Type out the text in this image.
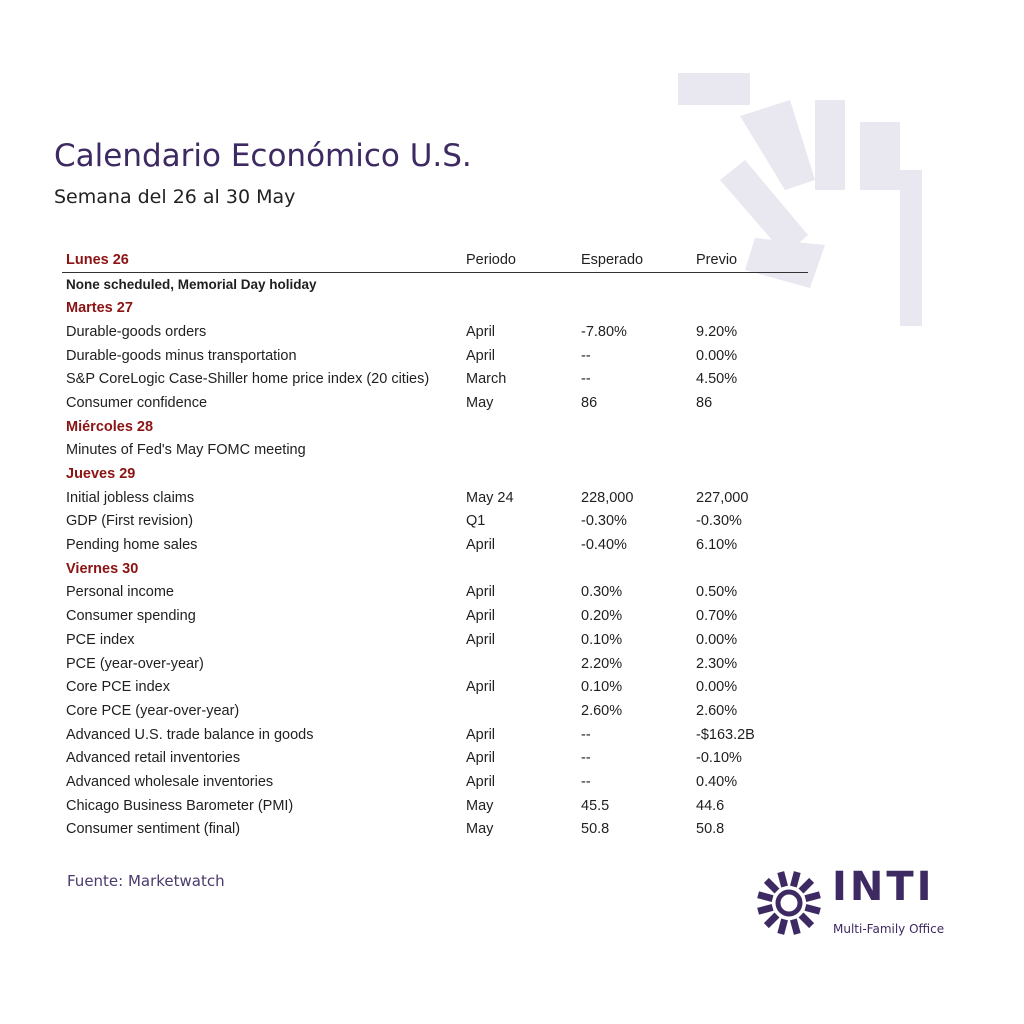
Calendario Económico U.S.

Semana del 26 al 30 May

Lunes 26	Periodo	Esperado	Previo
None scheduled, Memorial Day holiday			
Martes 27			
Durable-goods orders	April	-7.80%	9.20%
Durable-goods minus transportation	April	--	0.00%
S&P CoreLogic Case-Shiller home price index (20 cities)	March	--	4.50%
Consumer confidence	May	86	86
Miércoles 28			
Minutes of Fed's May FOMC meeting			
Jueves 29			
Initial jobless claims	May 24	228,000	227,000
GDP (First revision)	Q1	-0.30%	-0.30%
Pending home sales	April	-0.40%	6.10%
Viernes 30			
Personal income	April	0.30%	0.50%
Consumer spending	April	0.20%	0.70%
PCE index	April	0.10%	0.00%
PCE (year-over-year)		2.20%	2.30%
Core PCE index	April	0.10%	0.00%
Core PCE (year-over-year)		2.60%	2.60%
Advanced U.S. trade balance in goods	April	--	-$163.2B
Advanced retail inventories	April	--	-0.10%
Advanced wholesale inventories	April	--	0.40%
Chicago Business Barometer (PMI)	May	45.5	44.6
Consumer sentiment (final)	May	50.8	50.8

Fuente: Marketwatch	INTI

Multi-Family Office
